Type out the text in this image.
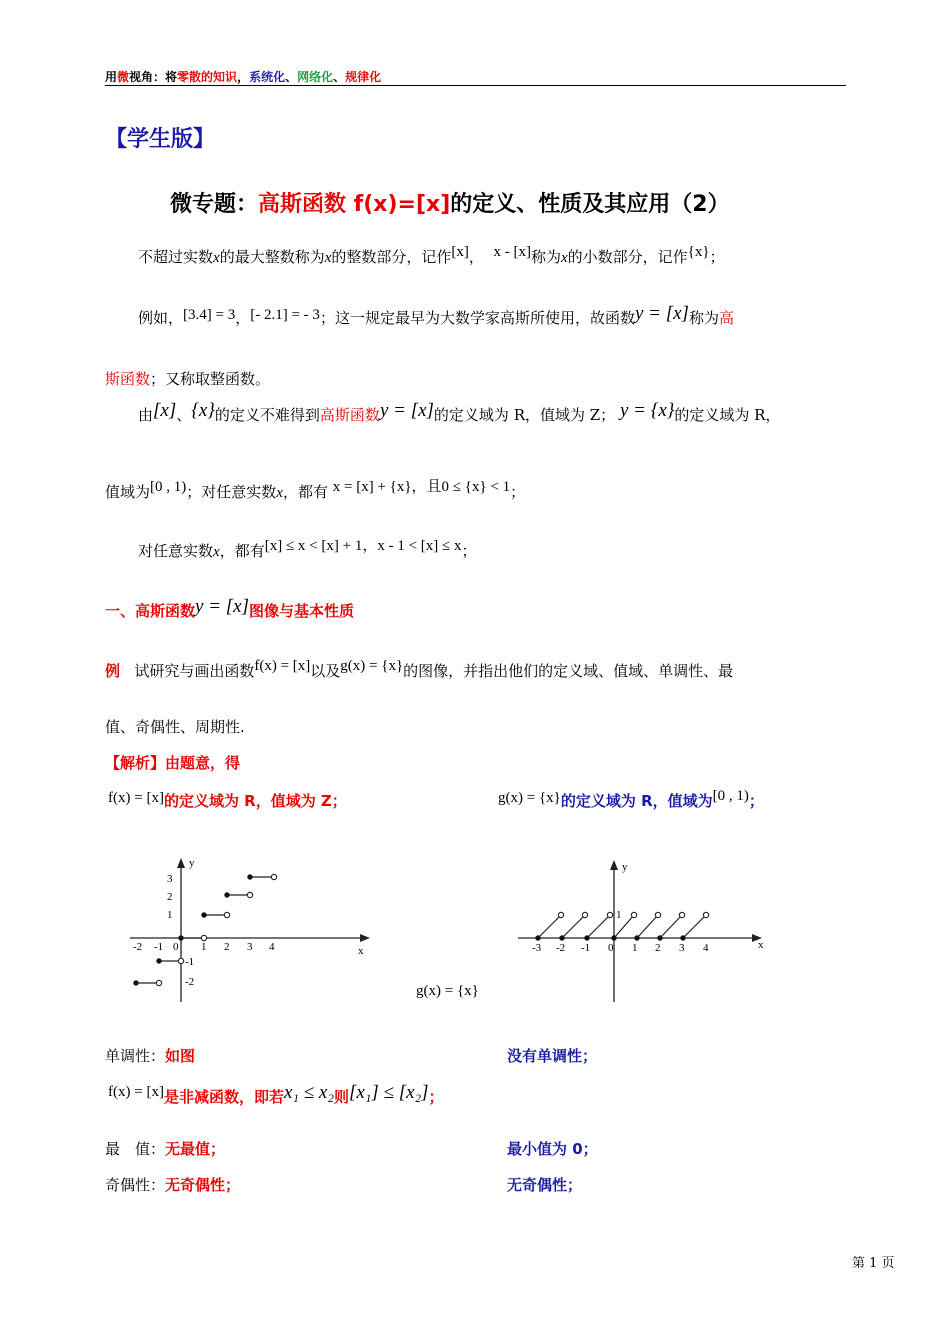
用微视角：将零散的知识，系统化、网络化、规律化
【学生版】
微专题：高斯函数 f(x)=[x]的定义、性质及其应用（2）
不超过实数x的最大整数称为x的整数部分，记作[x]， x - [x]称为x的小数部分，记作{x}；
例如，[3.4] = 3，[- 2.1] = - 3；这一规定最早为大数学家高斯所使用，故函数y = [x]称为高
斯函数；又称取整函数。
由[x]、{x}的定义不难得到高斯函数y = [x]的定义域为 R，值域为 Z； y = {x}的定义域为 R，
值域为[0 , 1)；对任意实数x，都有 x = [x] + {x}，且0 ≤ {x} < 1；
对任意实数x，都有[x] ≤ x < [x] + 1，x - 1 < [x] ≤ x；
一、高斯函数y = [x]图像与基本性质
例 试研究与画出函数f(x) = [x]以及g(x) = {x}的图像，并指出他们的定义域、值域、单调性、最
值、奇偶性、周期性.
【解析】由题意，得
f(x) = [x]的定义域为 R，值域为 Z；	g(x) = {x}的定义域为 R，值域为[0 , 1)；
x
y
-2 -1 0 1 2 3 4
3
2
1
-1
-2
x
y
-3 -2 -1 0 1 2 3 4
1
g(x) = {x}
单调性：如图	没有单调性；
f(x) = [x]是非减函数，即若x₁ ≤ x₂则[x₁] ≤ [x₂]；
最　值：无最值；	最小值为 0；
奇偶性：无奇偶性；	无奇偶性；
第 1 页
